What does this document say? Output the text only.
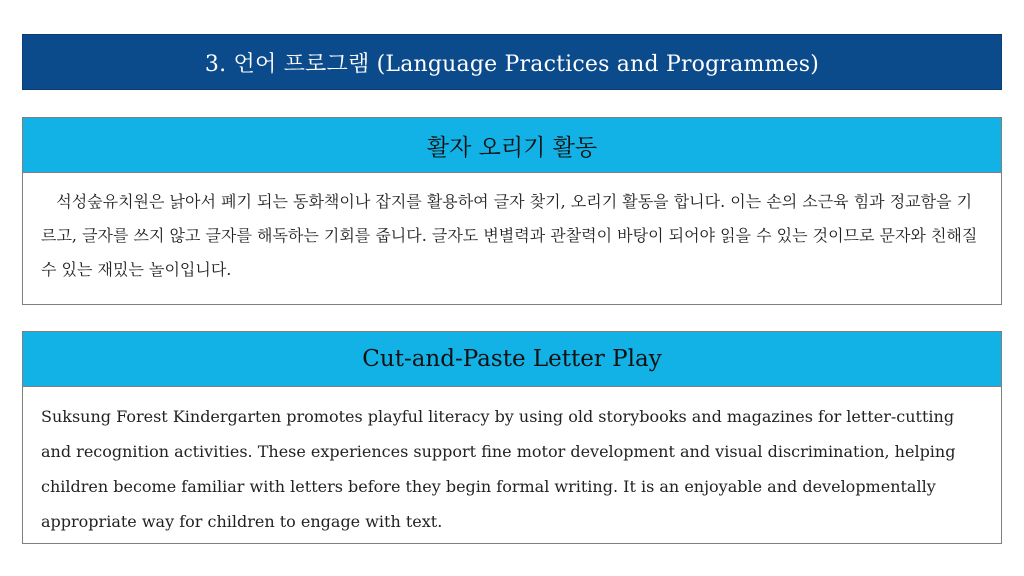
3. 언어 프로그램 (Language Practices and Programmes)
활자 오리기 활동
석성숲유치원은 낡아서 폐기 되는 동화책이나 잡지를 활용하여 글자 찾기, 오리기 활동을 합니다. 이는 손의 소근육 힘과 정교함을 기르고, 글자를 쓰지 않고 글자를 해독하는 기회를 줍니다. 글자도 변별력과 관찰력이 바탕이 되어야 읽을 수 있는 것이므로 문자와 친해질 수 있는 재밌는 놀이입니다.
Cut-and-Paste Letter Play
Suksung Forest Kindergarten promotes playful literacy by using old storybooks and magazines for letter-cutting and recognition activities. These experiences support fine motor development and visual discrimination, helping children become familiar with letters before they begin formal writing. It is an enjoyable and developmentally appropriate way for children to engage with text.
